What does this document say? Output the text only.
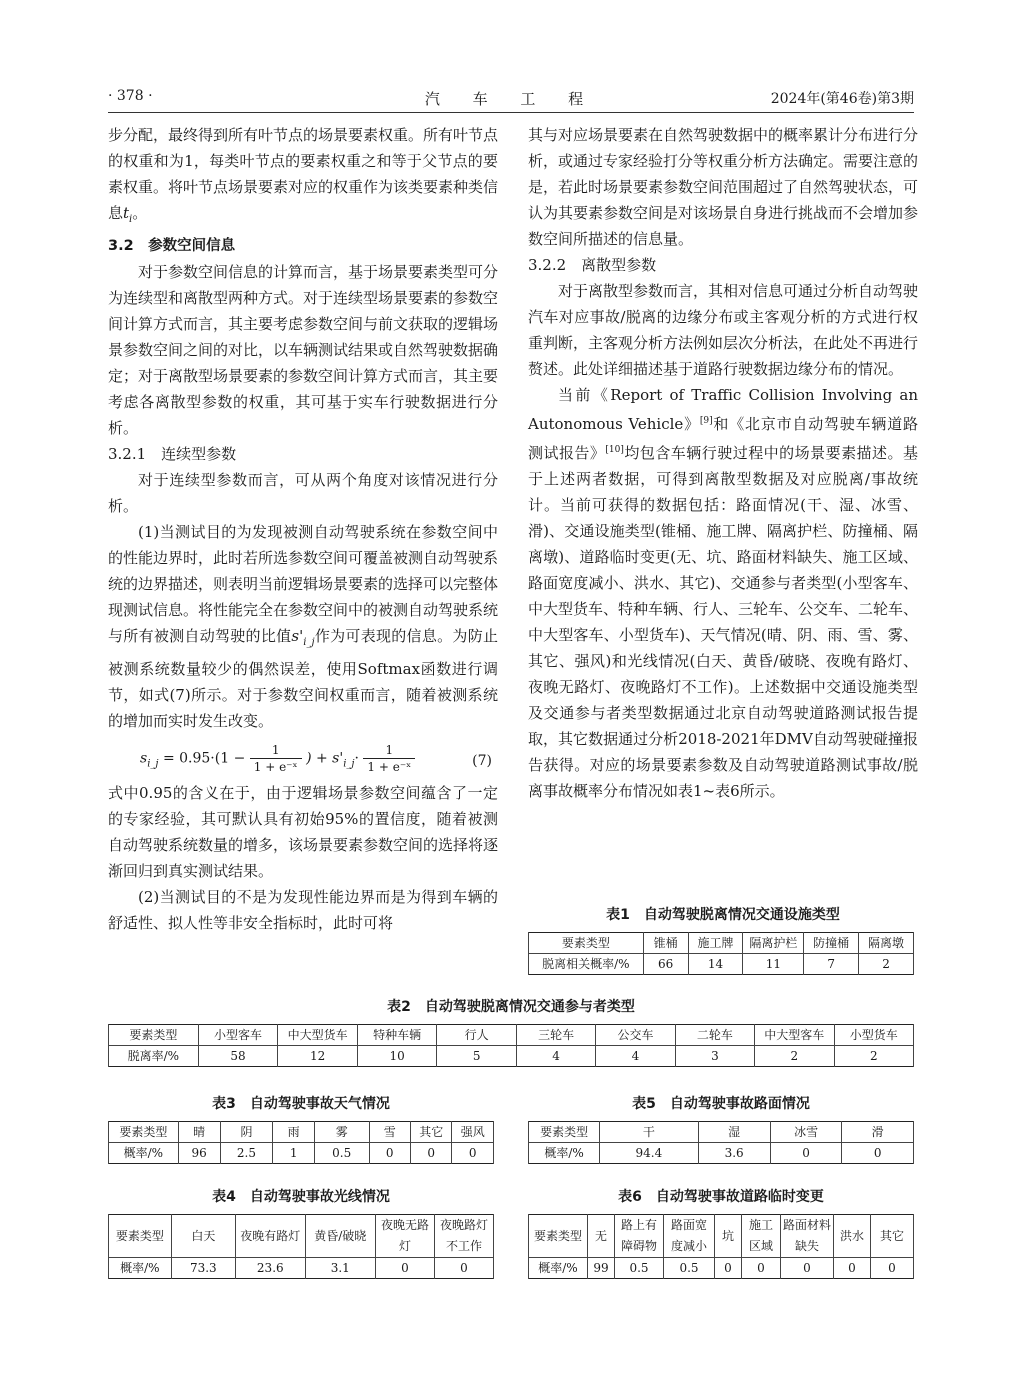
· 378 ·	汽 车 工 程	2024年(第46卷)第3期

步分配，最终得到所有叶节点的场景要素权重。所有叶节点的权重和为1，每类叶节点的要素权重之和等于父节点的要素权重。将叶节点场景要素对应的权重作为该类要素种类信息$t_i$。

3.2　参数空间信息

对于参数空间信息的计算而言，基于场景要素类型可分为连续型和离散型两种方式。对于连续型场景要素的参数空间计算方式而言，其主要考虑参数空间与前文获取的逻辑场景参数空间之间的对比，以车辆测试结果或自然驾驶数据确定；对于离散型场景要素的参数空间计算方式而言，其主要考虑各离散型参数的权重，其可基于实车行驶数据进行分析。

3.2.1　连续型参数

对于连续型参数而言，可从两个角度对该情况进行分析。

(1)当测试目的为发现被测自动驾驶系统在参数空间中的性能边界时，此时若所选参数空间可覆盖被测自动驾驶系统的边界描述，则表明当前逻辑场景要素的选择可以完整体现测试信息。将性能完全在参数空间中的被测自动驾驶系统与所有被测自动驾驶的比值$s'_{i\_j}$作为可表现的信息。为防止被测系统数量较少的偶然误差，使用Softmax函数进行调节，如式(7)所示。对于参数空间权重而言，随着被测系统的增加而实时发生改变。

$s_{i\_j} = 0.95\cdot(1 - \frac{1}{\text{1 + e⁻ˣ}}$ ) + $s'_{i\_j}\cdot \frac{1}{\text{1 + e⁻ˣ}}$	(7)

式中0.95的含义在于，由于逻辑场景参数空间蕴含了一定的专家经验，其可默认具有初始95%的置信度，随着被测自动驾驶系统数量的增多，该场景要素参数空间的选择将逐渐回归到真实测试结果。

(2)当测试目的不是为发现性能边界而是为得到车辆的舒适性、拟人性等非安全指标时，此时可将

其与对应场景要素在自然驾驶数据中的概率累计分布进行分析，或通过专家经验打分等权重分析方法确定。需要注意的是，若此时场景要素参数空间范围超过了自然驾驶状态，可认为其要素参数空间是对该场景自身进行挑战而不会增加参数空间所描述的信息量。

3.2.2　离散型参数

对于离散型参数而言，其相对信息可通过分析自动驾驶汽车对应事故/脱离的边缘分布或主客观分析的方式进行权重判断，主客观分析方法例如层次分析法，在此处不再进行赘述。此处详细描述基于道路行驶数据边缘分布的情况。

当前《Report of Traffic Collision Involving an Autonomous Vehicle》[9]和《北京市自动驾驶车辆道路测试报告》[10]均包含车辆行驶过程中的场景要素描述。基于上述两者数据，可得到离散型数据及对应脱离/事故统计。当前可获得的数据包括：路面情况(干、湿、冰雪、滑)、交通设施类型(锥桶、施工牌、隔离护栏、防撞桶、隔离墩)、道路临时变更(无、坑、路面材料缺失、施工区域、路面宽度减小、洪水、其它)、交通参与者类型(小型客车、中大型货车、特种车辆、行人、三轮车、公交车、二轮车、中大型客车、小型货车)、天气情况(晴、阴、雨、雪、雾、其它、强风)和光线情况(白天、黄昏/破晓、夜晚有路灯、夜晚无路灯、夜晚路灯不工作)。上述数据中交通设施类型及交通参与者类型数据通过北京自动驾驶道路测试报告提取，其它数据通过分析2018-2021年DMV自动驾驶碰撞报告获得。对应的场景要素参数及自动驾驶道路测试事故/脱离事故概率分布情况如表1~表6所示。

表1　自动驾驶脱离情况交通设施类型
要素类型	锥桶	施工牌	隔离护栏	防撞桶	隔离墩
脱离相关概率/%	66	14	11	7	2
表2　自动驾驶脱离情况交通参与者类型
要素类型	小型客车	中大型货车	特种车辆	行人	三轮车	公交车	二轮车	中大型客车	小型货车
脱离率/%	58	12	10	5	4	4	3	2	2
表3　自动驾驶事故天气情况
要素类型	晴	阴	雨	雾	雪	其它	强风
概率/%	96	2.5	1	0.5	0	0	0
表5　自动驾驶事故路面情况
要素类型	干	湿	冰雪	滑
概率/%	94.4	3.6	0	0
表4　自动驾驶事故光线情况
要素类型	白天	夜晚有路灯	黄昏/破晓	夜晚无路灯	夜晚路灯不工作
概率/%	73.3	23.6	3.1	0	0
表6　自动驾驶事故道路临时变更
要素类型	无	路上有障碍物	路面宽度减小	坑	施工区域	路面材料缺失	洪水	其它
概率/%	99	0.5	0.5	0	0	0	0	0
